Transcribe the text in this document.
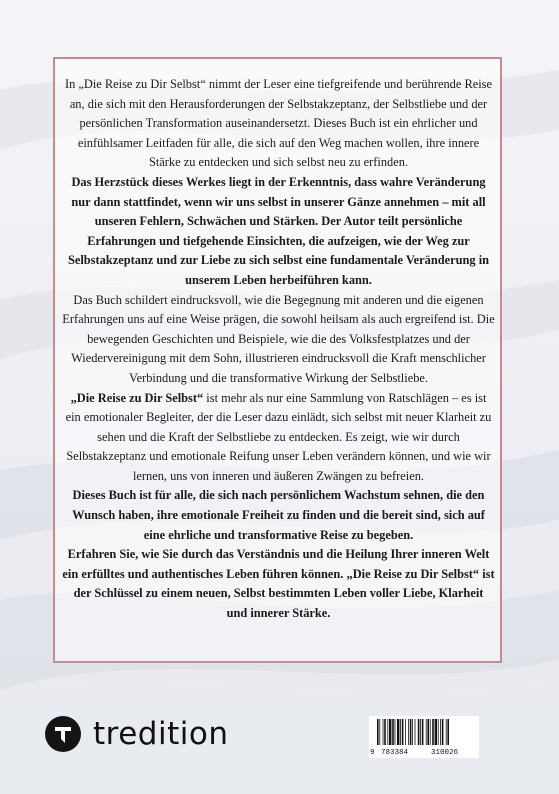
In „Die Reise zu Dir Selbst“ nimmt der Leser eine tiefgreifende und berührende Reise an, die sich mit den Herausforderungen der Selbstakzeptanz, der Selbstliebe und der persönlichen Transformation auseinandersetzt. Dieses Buch ist ein ehrlicher und einfühlsamer Leitfaden für alle, die sich auf den Weg machen wollen, ihre innere Stärke zu entdecken und sich selbst neu zu erfinden.

Das Herzstück dieses Werkes liegt in der Erkenntnis, dass wahre Veränderung nur dann stattfindet, wenn wir uns selbst in unserer Gänze annehmen – mit all unseren Fehlern, Schwächen und Stärken. Der Autor teilt persönliche Erfahrungen und tiefgehende Einsichten, die aufzeigen, wie der Weg zur Selbstakzeptanz und zur Liebe zu sich selbst eine fundamentale Veränderung in unserem Leben herbeiführen kann.

Das Buch schildert eindrucksvoll, wie die Begegnung mit anderen und die eigenen Erfahrungen uns auf eine Weise prägen, die sowohl heilsam als auch ergreifend ist. Die bewegenden Geschichten und Beispiele, wie die des Volksfestplatzes und der Wiedervereinigung mit dem Sohn, illustrieren eindrucksvoll die Kraft menschlicher Verbindung und die transformative Wirkung der Selbstliebe.

„Die Reise zu Dir Selbst“ ist mehr als nur eine Sammlung von Ratschlägen – es ist ein emotionaler Begleiter, der die Leser dazu einlädt, sich selbst mit neuer Klarheit zu sehen und die Kraft der Selbstliebe zu entdecken. Es zeigt, wie wir durch Selbstakzeptanz und emotionale Reifung unser Leben verändern können, und wie wir lernen, uns von inneren und äußeren Zwängen zu befreien.

Dieses Buch ist für alle, die sich nach persönlichem Wachstum sehnen, die den Wunsch haben, ihre emotionale Freiheit zu finden und die bereit sind, sich auf eine ehrliche und transformative Reise zu begeben.

Erfahren Sie, wie Sie durch das Verständnis und die Heilung Ihrer inneren Welt ein erfülltes und authentisches Leben führen können. „Die Reise zu Dir Selbst“ ist der Schlüssel zu einem neuen, Selbst bestimmten Leben voller Liebe, Klarheit und innerer Stärke.

tredition
9 783384	310026
